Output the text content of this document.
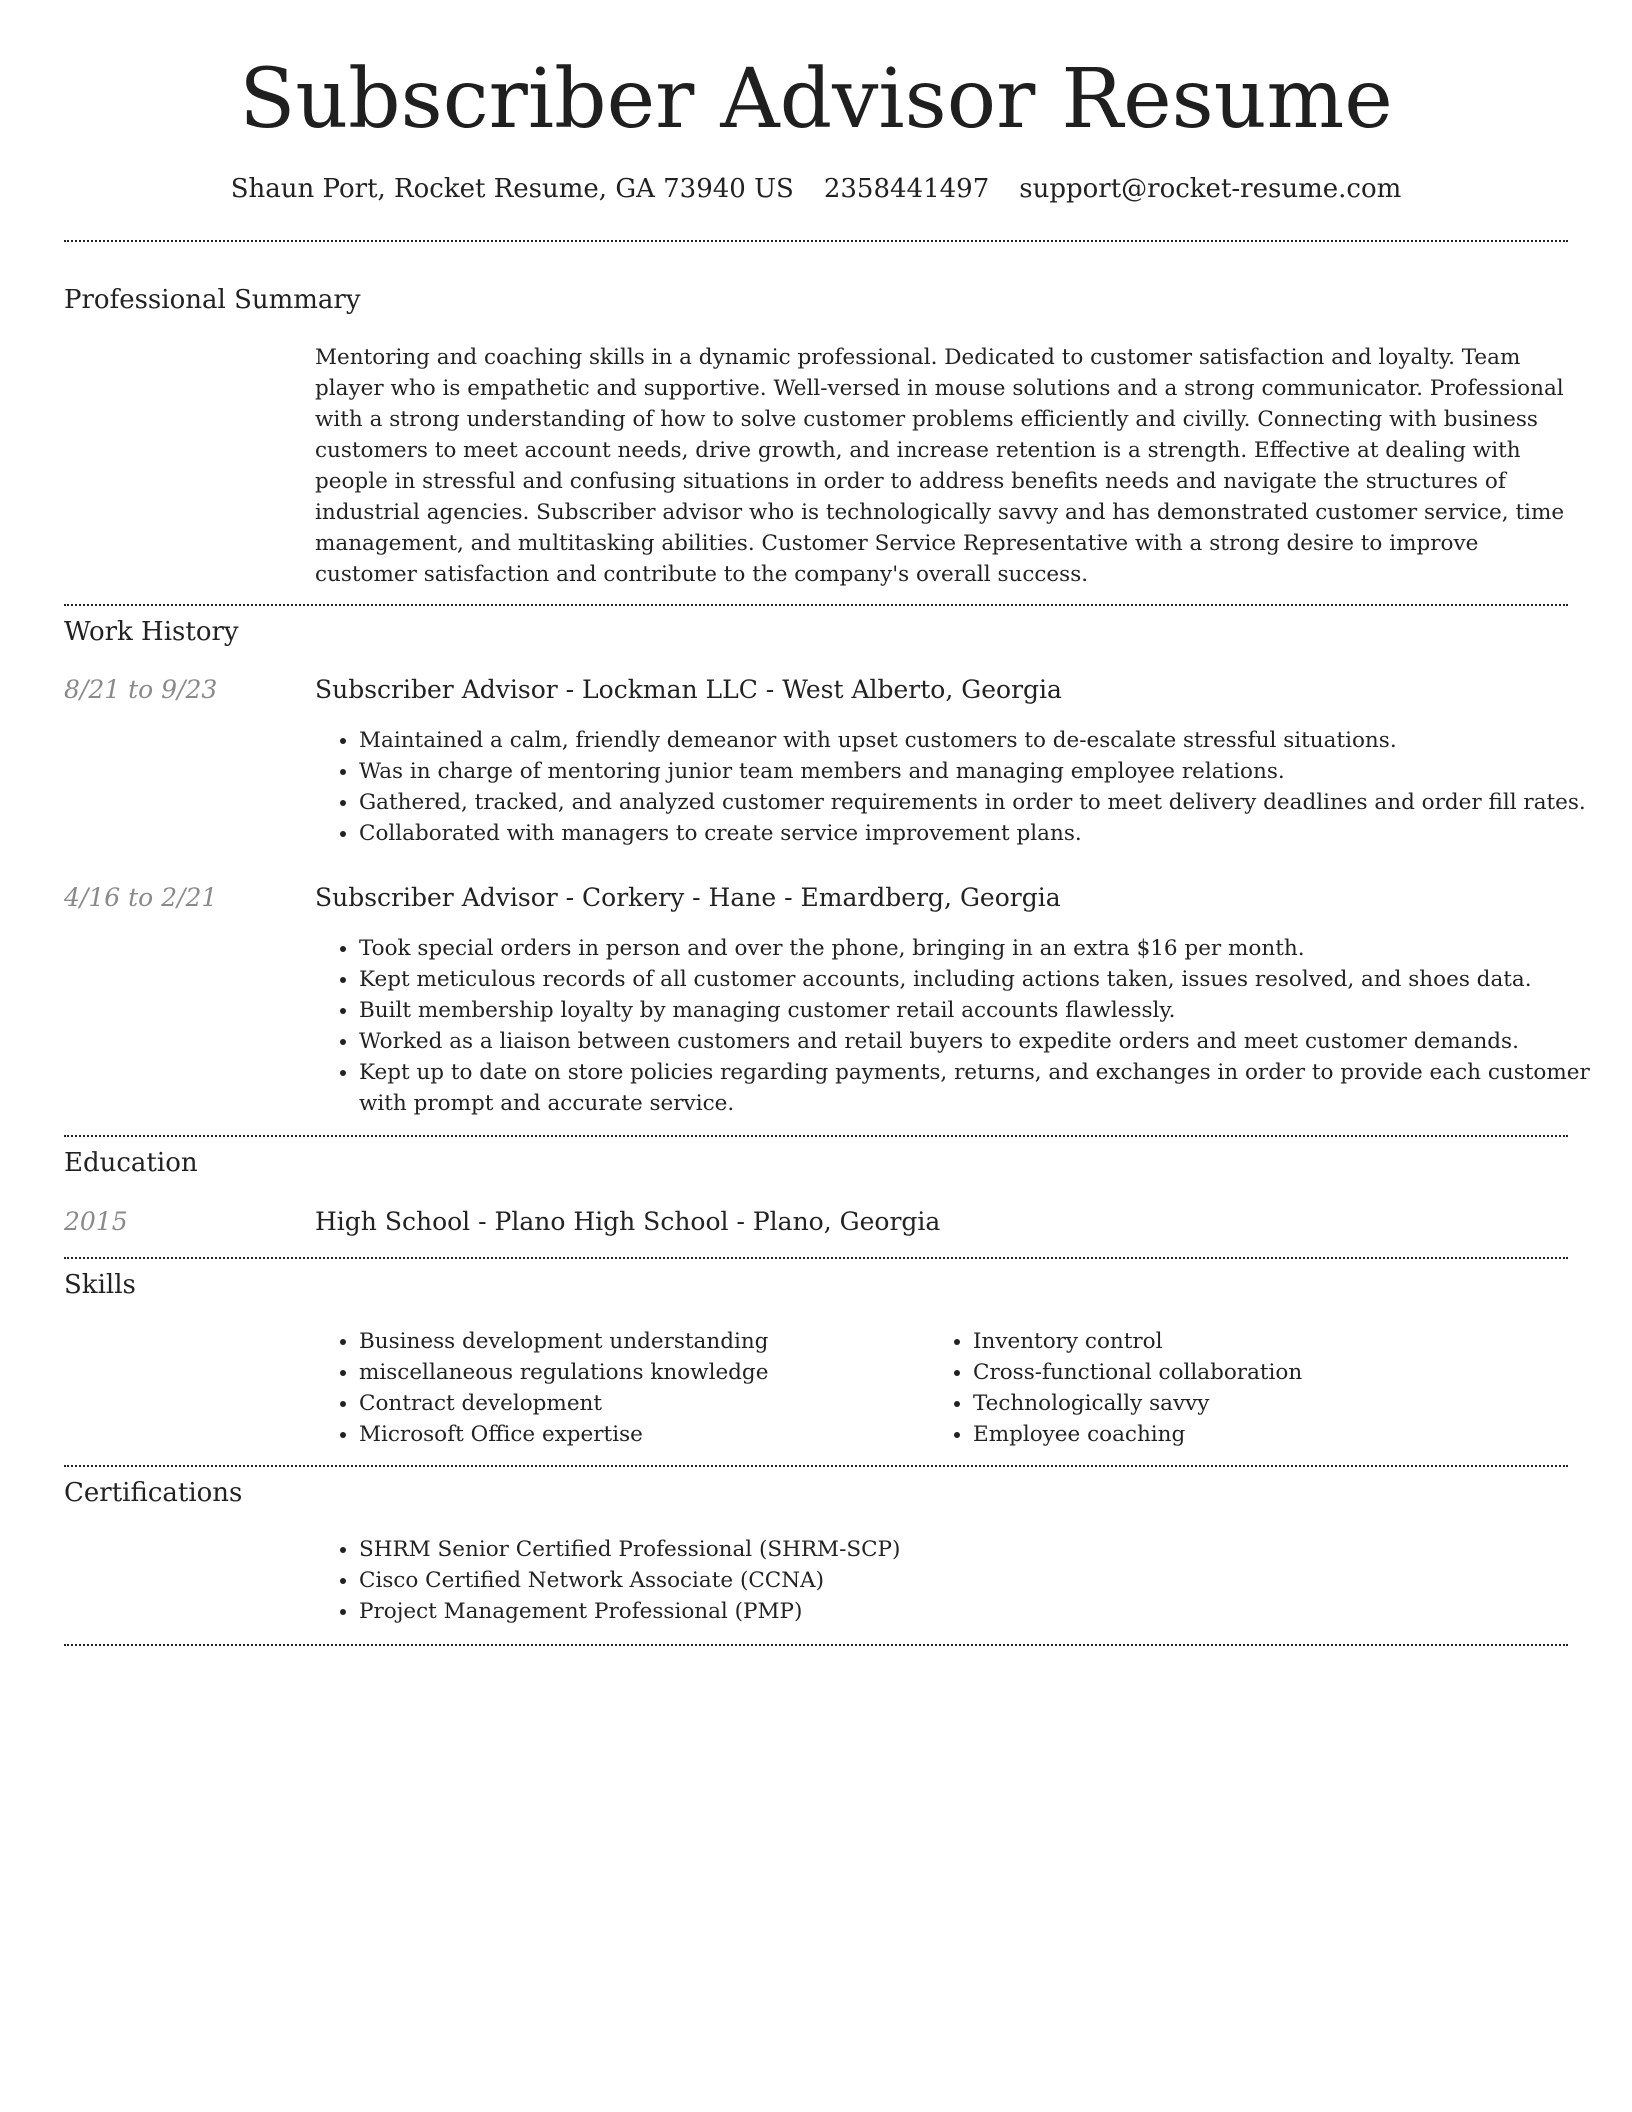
Subscriber Advisor Resume
Shaun Port, Rocket Resume, GA 73940 US 2358441497 support@rocket-resume.com
Professional Summary

Mentoring and coaching skills in a dynamic professional. Dedicated to customer satisfaction and loyalty. Team player who is empathetic and supportive. Well-versed in mouse solutions and a strong communicator. Professional with a strong understanding of how to solve customer problems efficiently and civilly. Connecting with business customers to meet account needs, drive growth, and increase retention is a strength. Effective at dealing with people in stressful and confusing situations in order to address benefits needs and navigate the structures of industrial agencies. Subscriber advisor who is technologically savvy and has demonstrated customer service, time management, and multitasking abilities. Customer Service Representative with a strong desire to improve customer satisfaction and contribute to the company's overall success.

Work History
8/21 to 9/23	Subscriber Advisor - Lockman LLC - West Alberto, Georgia
• Maintained a calm, friendly demeanor with upset customers to de-escalate stressful situations.
• Was in charge of mentoring junior team members and managing employee relations.
• Gathered, tracked, and analyzed customer requirements in order to meet delivery deadlines and order fill rates.
• Collaborated with managers to create service improvement plans.
4/16 to 2/21	Subscriber Advisor - Corkery - Hane - Emardberg, Georgia
• Took special orders in person and over the phone, bringing in an extra $16 per month.
• Kept meticulous records of all customer accounts, including actions taken, issues resolved, and shoes data.
• Built membership loyalty by managing customer retail accounts flawlessly.
• Worked as a liaison between customers and retail buyers to expedite orders and meet customer demands.
• Kept up to date on store policies regarding payments, returns, and exchanges in order to provide each customer with prompt and accurate service.
Education
2015	High School - Plano High School - Plano, Georgia
Skills
• Business development understanding
• miscellaneous regulations knowledge
• Contract development
• Microsoft Office expertise
• Inventory control
• Cross-functional collaboration
• Technologically savvy
• Employee coaching
Certifications
• SHRM Senior Certified Professional (SHRM-SCP)
• Cisco Certified Network Associate (CCNA)
• Project Management Professional (PMP)
